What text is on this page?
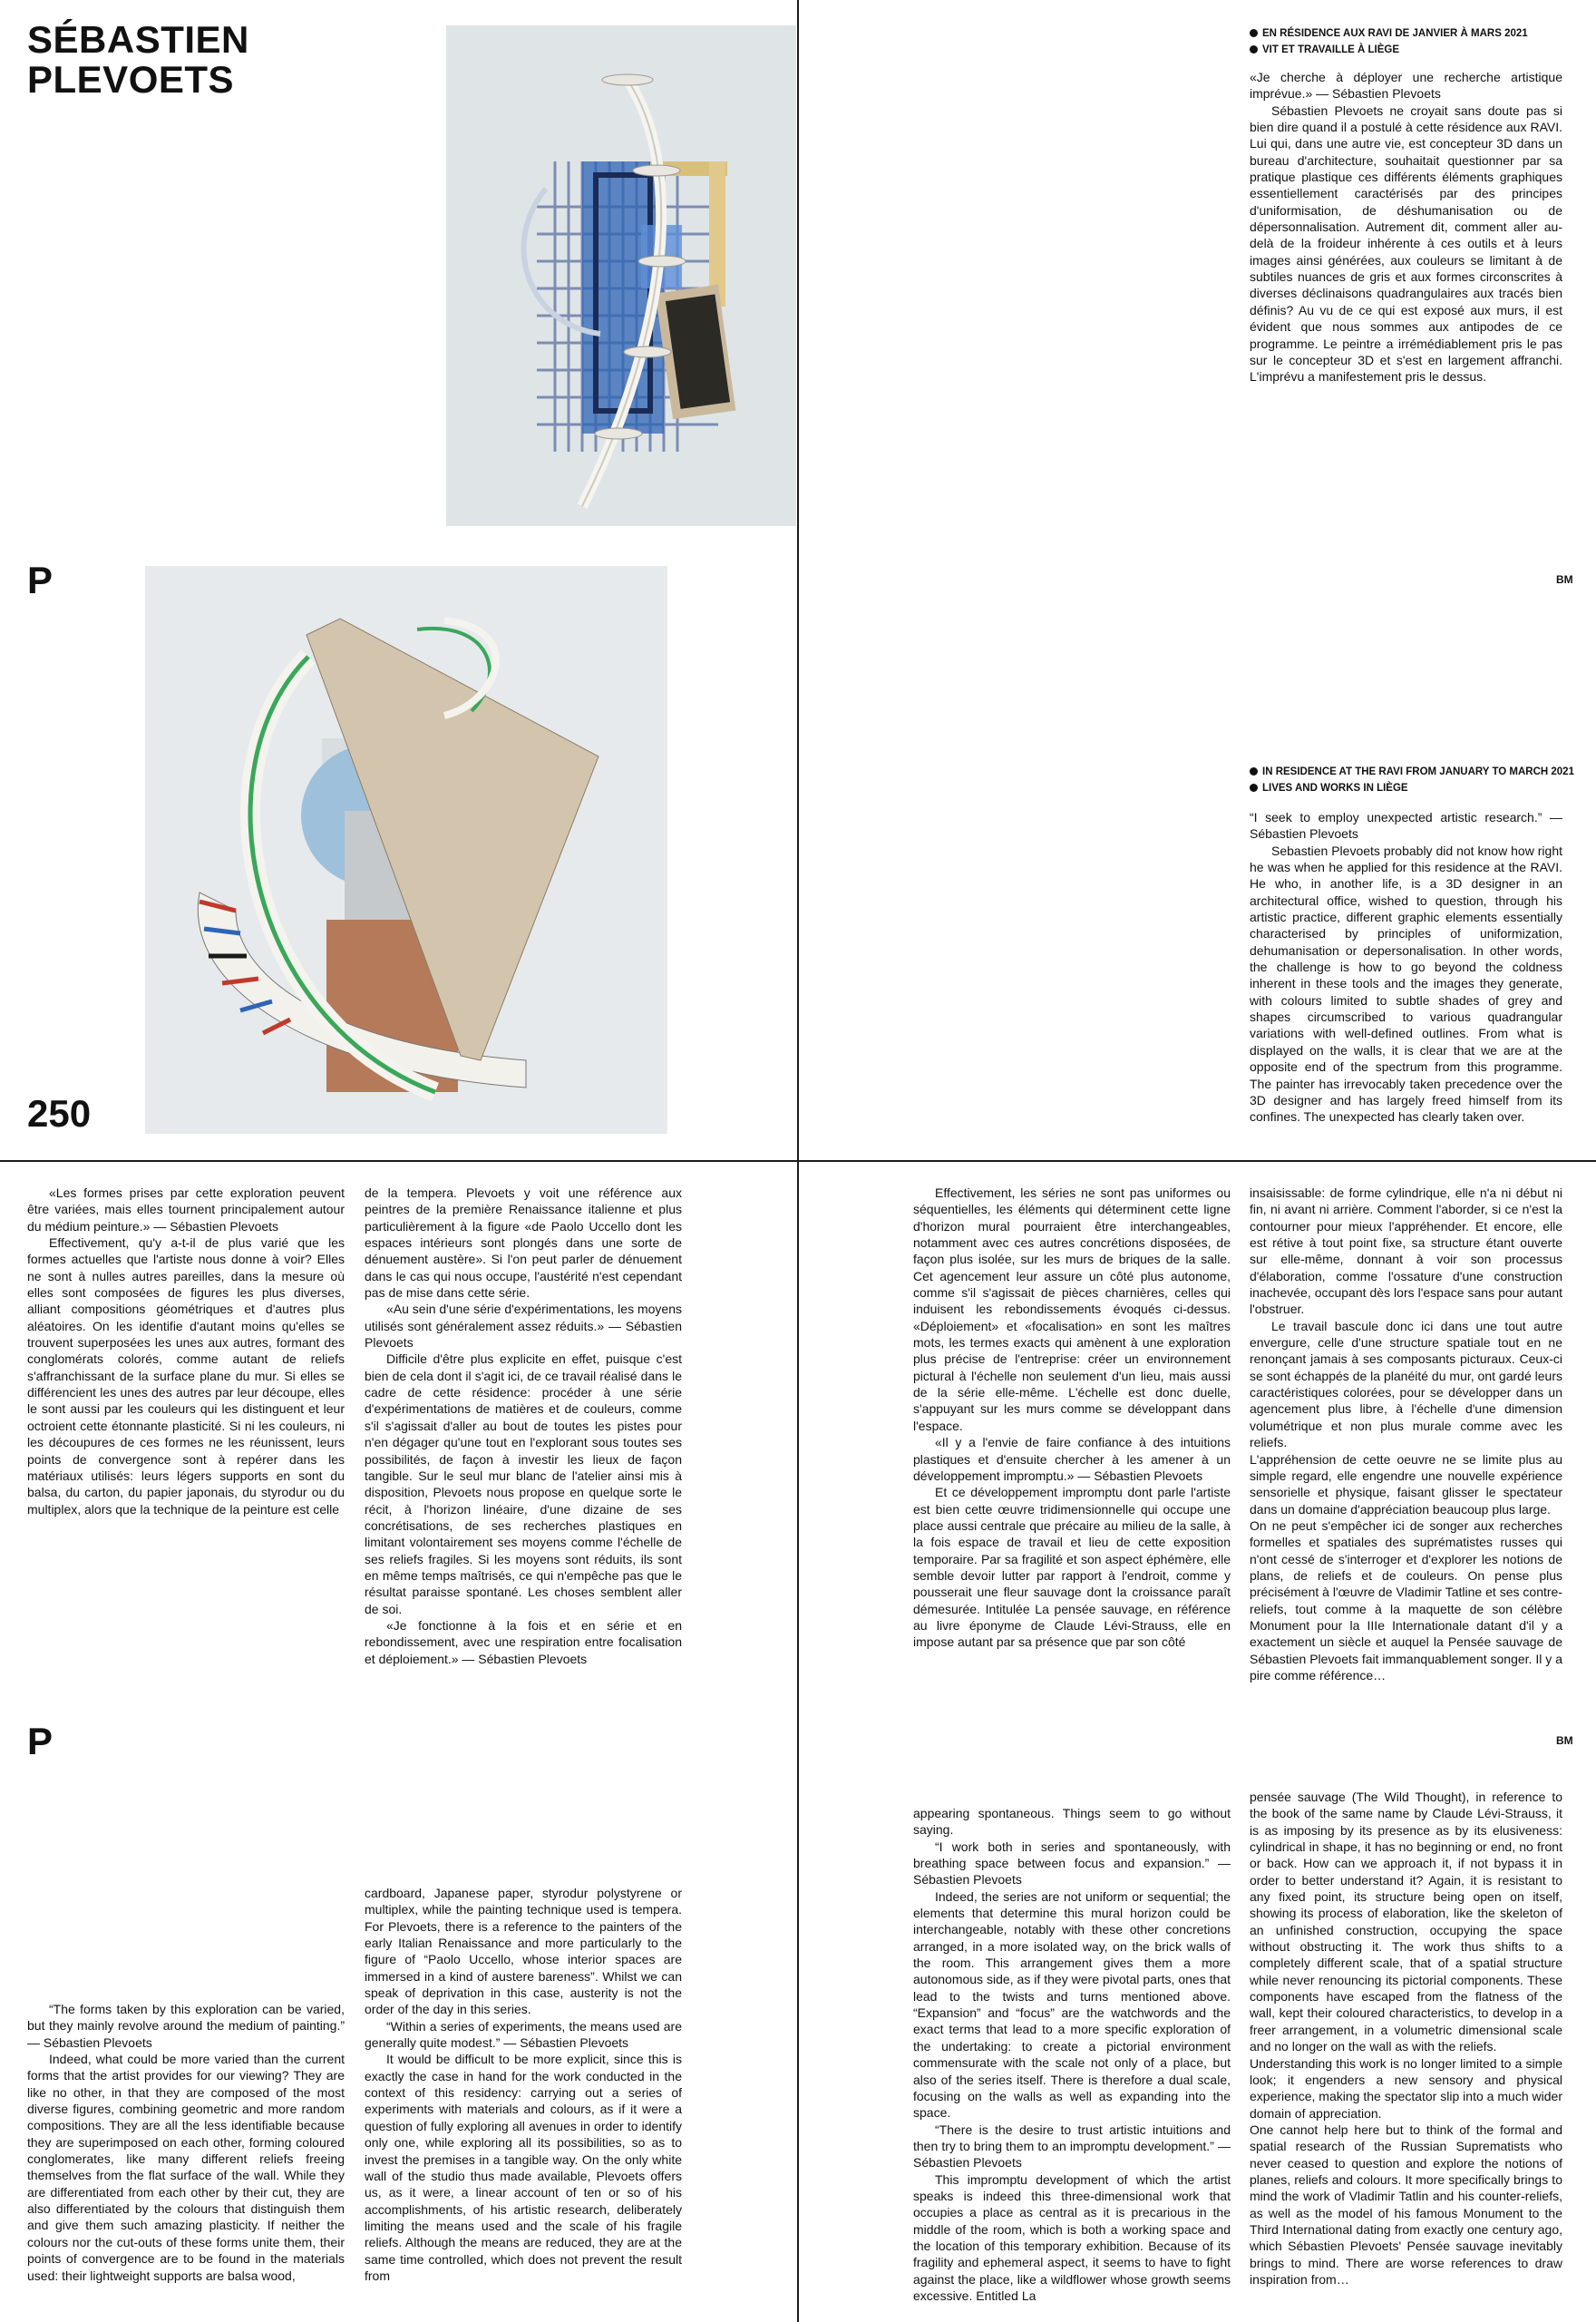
SÉBASTIEN
PLEVOETS
EN RÉSIDENCE AUX RAVI DE JANVIER À MARS 2021
VIT ET TRAVAILLE À LIÈGE

«Je cherche à déployer une recherche artistique imprévue.» — Sébastien Plevoets

Sébastien Plevoets ne croyait sans doute pas si bien dire quand il a postulé à cette résidence aux RAVI. Lui qui, dans une autre vie, est concepteur 3D dans un bureau d'architecture, souhaitait questionner par sa pratique plastique ces différents éléments graphiques essentiellement caractérisés par des principes d'uniformisation, de déshumanisation ou de dépersonnalisation. Autrement dit, comment aller au-delà de la froideur inhérente à ces outils et à leurs images ainsi générées, aux couleurs se limitant à de subtiles nuances de gris et aux formes circonscrites à diverses déclinaisons quadrangulaires aux tracés bien définis? Au vu de ce qui est exposé aux murs, il est évident que nous sommes aux antipodes de ce programme. Le peintre a irrémédiablement pris le pas sur le concepteur 3D et s'est en largement affranchi. L'imprévu a manifestement pris le dessus.

P	BM
250
IN RESIDENCE AT THE RAVI FROM JANUARY TO MARCH 2021
LIVES AND WORKS IN LIÈGE

“I seek to employ unexpected artistic research.” — Sébastien Plevoets

Sebastien Plevoets probably did not know how right he was when he applied for this residence at the RAVI. He who, in another life, is a 3D designer in an architectural office, wished to question, through his artistic practice, different graphic elements essentially characterised by principles of uniformization, dehumanisation or depersonalisation. In other words, the challenge is how to go beyond the coldness inherent in these tools and the images they generate, with colours limited to subtle shades of grey and shapes circumscribed to various quadrangular variations with well-defined outlines. From what is displayed on the walls, it is clear that we are at the opposite end of the spectrum from this programme. The painter has irrevocably taken precedence over the 3D designer and has largely freed himself from its confines. The unexpected has clearly taken over.

«Les formes prises par cette exploration peuvent être variées, mais elles tournent principalement autour du médium peinture.» — Sébastien Plevoets

Effectivement, qu'y a-t-il de plus varié que les formes actuelles que l'artiste nous donne à voir? Elles ne sont à nulles autres pareilles, dans la mesure où elles sont composées de figures les plus diverses, alliant compositions géométriques et d'autres plus aléatoires. On les identifie d'autant moins qu'elles se trouvent superposées les unes aux autres, formant des conglomérats colorés, comme autant de reliefs s'affranchissant de la surface plane du mur. Si elles se différencient les unes des autres par leur découpe, elles le sont aussi par les couleurs qui les distinguent et leur octroient cette étonnante plasticité. Si ni les couleurs, ni les découpures de ces formes ne les réunissent, leurs points de convergence sont à repérer dans les matériaux utilisés: leurs légers supports en sont du balsa, du carton, du papier japonais, du styrodur ou du multiplex, alors que la technique de la peinture est celle

de la tempera. Plevoets y voit une référence aux peintres de la première Renaissance italienne et plus particulièrement à la figure «de Paolo Uccello dont les espaces intérieurs sont plongés dans une sorte de dénuement austère». Si l'on peut parler de dénuement dans le cas qui nous occupe, l'austérité n'est cependant pas de mise dans cette série.

«Au sein d'une série d'expérimentations, les moyens utilisés sont généralement assez réduits.» — Sébastien Plevoets

Difficile d'être plus explicite en effet, puisque c'est bien de cela dont il s'agit ici, de ce travail réalisé dans le cadre de cette résidence: procéder à une série d'expérimentations de matières et de couleurs, comme s'il s'agissait d'aller au bout de toutes les pistes pour n'en dégager qu'une tout en l'explorant sous toutes ses possibilités, de façon à investir les lieux de façon tangible. Sur le seul mur blanc de l'atelier ainsi mis à disposition, Plevoets nous propose en quelque sorte le récit, à l'horizon linéaire, d'une dizaine de ses concrétisations, de ses recherches plastiques en limitant volontairement ses moyens comme l'échelle de ses reliefs fragiles. Si les moyens sont réduits, ils sont en même temps maîtrisés, ce qui n'empêche pas que le résultat paraisse spontané. Les choses semblent aller de soi.

«Je fonctionne à la fois et en série et en rebondissement, avec une respiration entre focalisation et déploiement.» — Sébastien Plevoets

Effectivement, les séries ne sont pas uniformes ou séquentielles, les éléments qui déterminent cette ligne d'horizon mural pourraient être interchangeables, notamment avec ces autres concrétions disposées, de façon plus isolée, sur les murs de briques de la salle. Cet agencement leur assure un côté plus autonome, comme s'il s'agissait de pièces charnières, celles qui induisent les rebondissements évoqués ci-dessus. «Déploiement» et «focalisation» en sont les maîtres mots, les termes exacts qui amènent à une exploration plus précise de l'entreprise: créer un environnement pictural à l'échelle non seulement d'un lieu, mais aussi de la série elle-même. L'échelle est donc duelle, s'appuyant sur les murs comme se développant dans l'espace.

«Il y a l'envie de faire confiance à des intuitions plastiques et d'ensuite chercher à les amener à un développement impromptu.» — Sébastien Plevoets

Et ce développement impromptu dont parle l'artiste est bien cette œuvre tridimensionnelle qui occupe une place aussi centrale que précaire au milieu de la salle, à la fois espace de travail et lieu de cette exposition temporaire. Par sa fragilité et son aspect éphémère, elle semble devoir lutter par rapport à l'endroit, comme y pousserait une fleur sauvage dont la croissance paraît démesurée. Intitulée La pensée sauvage, en référence au livre éponyme de Claude Lévi-Strauss, elle en impose autant par sa présence que par son côté

insaisissable: de forme cylindrique, elle n'a ni début ni fin, ni avant ni arrière. Comment l'aborder, si ce n'est la contourner pour mieux l'appréhender. Et encore, elle est rétive à tout point fixe, sa structure étant ouverte sur elle-même, donnant à voir son processus d'élaboration, comme l'ossature d'une construction inachevée, occupant dès lors l'espace sans pour autant l'obstruer.

Le travail bascule donc ici dans une tout autre envergure, celle d'une structure spatiale tout en ne renonçant jamais à ses composants picturaux. Ceux-ci se sont échappés de la planéité du mur, ont gardé leurs caractéristiques colorées, pour se développer dans un agencement plus libre, à l'échelle d'une dimension volumétrique et non plus murale comme avec les reliefs.

L'appréhension de cette oeuvre ne se limite plus au simple regard, elle engendre une nouvelle expérience sensorielle et physique, faisant glisser le spectateur dans un domaine d'appréciation beaucoup plus large.

On ne peut s'empêcher ici de songer aux recherches formelles et spatiales des suprématistes russes qui n'ont cessé de s'interroger et d'explorer les notions de plans, de reliefs et de couleurs. On pense plus précisément à l'œuvre de Vladimir Tatline et ses contre-reliefs, tout comme à la maquette de son célèbre Monument pour la IIIe Internationale datant d'il y a exactement un siècle et auquel la Pensée sauvage de Sébastien Plevoets fait immanquablement songer. Il y a pire comme référence…

P	BM

“The forms taken by this exploration can be varied, but they mainly revolve around the medium of painting.” — Sébastien Plevoets

Indeed, what could be more varied than the current forms that the artist provides for our viewing? They are like no other, in that they are composed of the most diverse figures, combining geometric and more random compositions. They are all the less identifiable because they are superimposed on each other, forming coloured conglomerates, like many different reliefs freeing themselves from the flat surface of the wall. While they are differentiated from each other by their cut, they are also differentiated by the colours that distinguish them and give them such amazing plasticity. If neither the colours nor the cut-outs of these forms unite them, their points of convergence are to be found in the materials used: their lightweight supports are balsa wood,

cardboard, Japanese paper, styrodur polystyrene or multiplex, while the painting technique used is tempera. For Plevoets, there is a reference to the painters of the early Italian Renaissance and more particularly to the figure of “Paolo Uccello, whose interior spaces are immersed in a kind of austere bareness”. Whilst we can speak of deprivation in this case, austerity is not the order of the day in this series.

“Within a series of experiments, the means used are generally quite modest.” — Sébastien Plevoets

It would be difficult to be more explicit, since this is exactly the case in hand for the work conducted in the context of this residency: carrying out a series of experiments with materials and colours, as if it were a question of fully exploring all avenues in order to identify only one, while exploring all its possibilities, so as to invest the premises in a tangible way. On the only white wall of the studio thus made available, Plevoets offers us, as it were, a linear account of ten or so of his accomplishments, of his artistic research, deliberately limiting the means used and the scale of his fragile reliefs. Although the means are reduced, they are at the same time controlled, which does not prevent the result from

appearing spontaneous. Things seem to go without saying.

“I work both in series and spontaneously, with breathing space between focus and expansion.” — Sébastien Plevoets

Indeed, the series are not uniform or sequential; the elements that determine this mural horizon could be interchangeable, notably with these other concretions arranged, in a more isolated way, on the brick walls of the room. This arrangement gives them a more autonomous side, as if they were pivotal parts, ones that lead to the twists and turns mentioned above. “Expansion” and “focus” are the watchwords and the exact terms that lead to a more specific exploration of the undertaking: to create a pictorial environment commensurate with the scale not only of a place, but also of the series itself. There is therefore a dual scale, focusing on the walls as well as expanding into the space.

“There is the desire to trust artistic intuitions and then try to bring them to an impromptu development.” — Sébastien Plevoets

This impromptu development of which the artist speaks is indeed this three-dimensional work that occupies a place as central as it is precarious in the middle of the room, which is both a working space and the location of this temporary exhibition. Because of its fragility and ephemeral aspect, it seems to have to fight against the place, like a wildflower whose growth seems excessive. Entitled La

pensée sauvage (The Wild Thought), in reference to the book of the same name by Claude Lévi-Strauss, it is as imposing by its presence as by its elusiveness: cylindrical in shape, it has no beginning or end, no front or back. How can we approach it, if not bypass it in order to better understand it? Again, it is resistant to any fixed point, its structure being open on itself, showing its process of elaboration, like the skeleton of an unfinished construction, occupying the space without obstructing it. The work thus shifts to a completely different scale, that of a spatial structure while never renouncing its pictorial components. These components have escaped from the flatness of the wall, kept their coloured characteristics, to develop in a freer arrangement, in a volumetric dimensional scale and no longer on the wall as with the reliefs.

Understanding this work is no longer limited to a simple look; it engenders a new sensory and physical experience, making the spectator slip into a much wider domain of appreciation.

One cannot help here but to think of the formal and spatial research of the Russian Suprematists who never ceased to question and explore the notions of planes, reliefs and colours. It more specifically brings to mind the work of Vladimir Tatlin and his counter-reliefs, as well as the model of his famous Monument to the Third International dating from exactly one century ago, which Sébastien Plevoets' Pensée sauvage inevitably brings to mind. There are worse references to draw inspiration from…
